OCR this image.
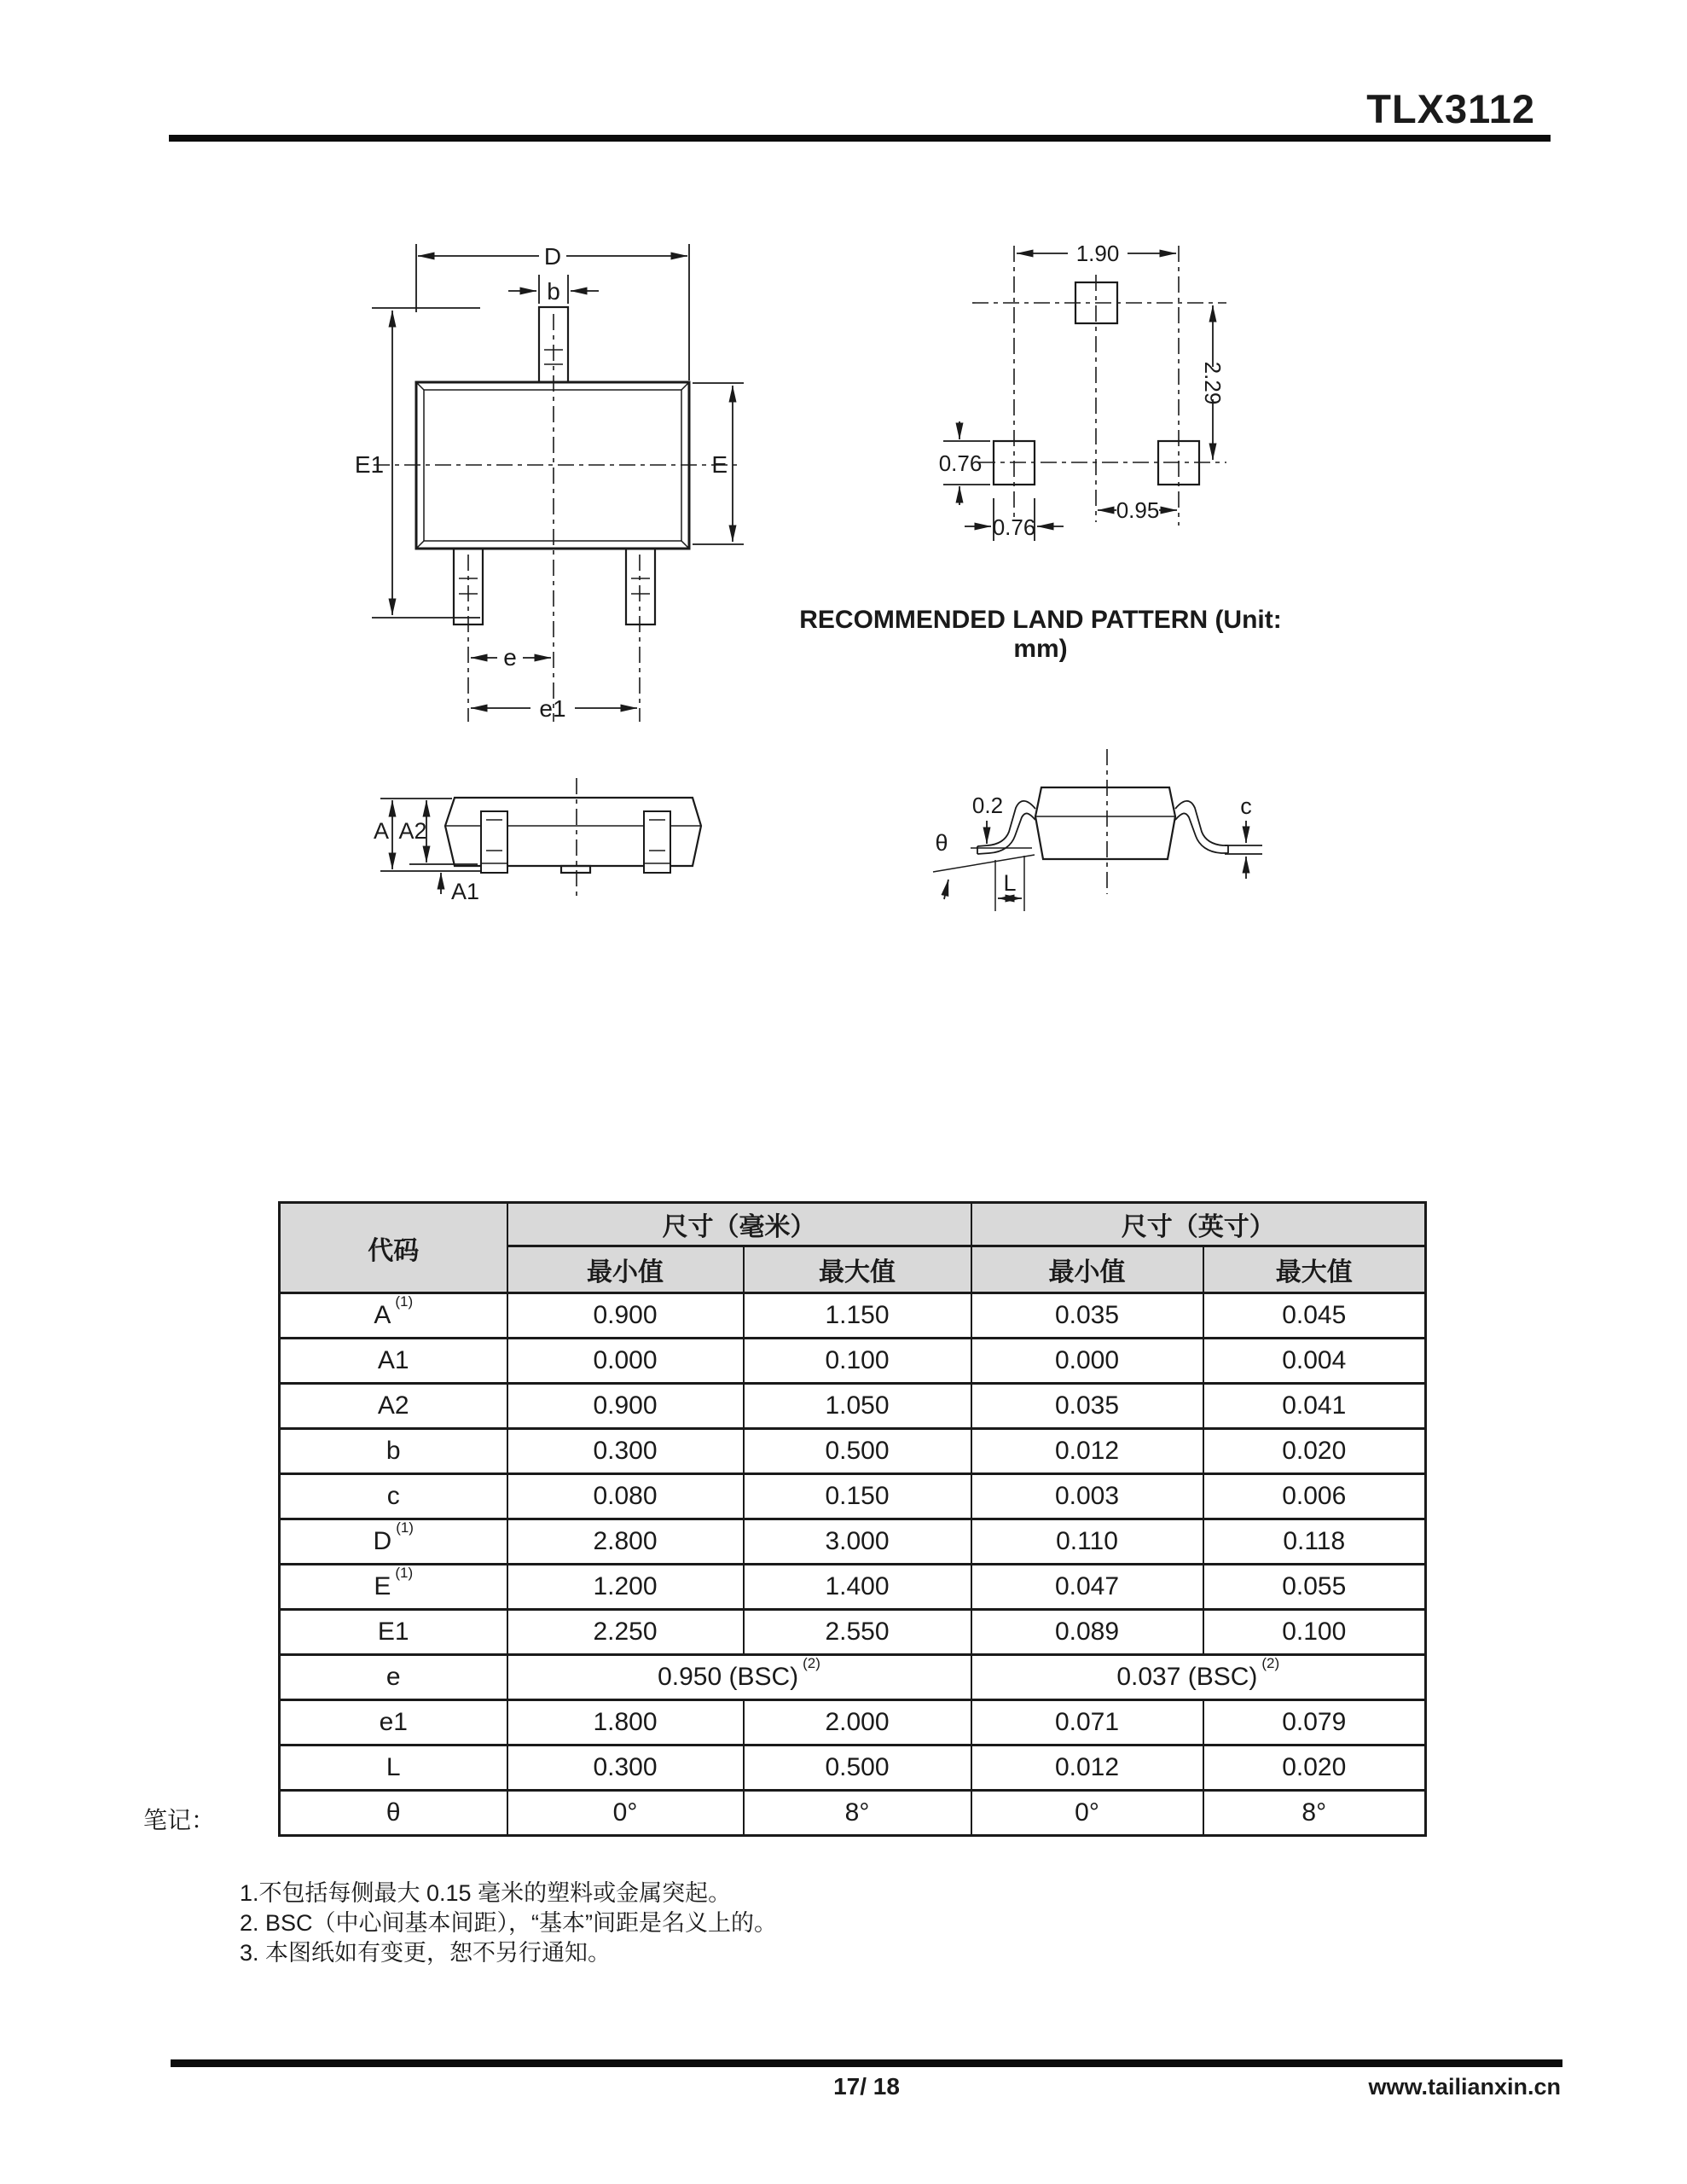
TLX3112
D
b
E1	E
e
e1
1.90
2.29
0.76
0.76
0.95
RECOMMENDED LAND PATTERN (Unit: mm)
A A2
A1
0.2
θ
L
c
代码	尺寸（毫米）		尺寸（英寸）	
	最小值	最大值	最小值	最大值
A $^{(1)}$	0.900	1.150	0.035	0.045
A1	0.000	0.100	0.000	0.004
A2	0.900	1.050	0.035	0.041
b	0.300	0.500	0.012	0.020
c	0.080	0.150	0.003	0.006
D $^{(1)}$	2.800	3.000	0.110	0.118
E $^{(1)}$	1.200	1.400	0.047	0.055
E1	2.250	2.550	0.089	0.100
e	0.950 (BSC) $^{(2)}$		0.037 (BSC) $^{(2)}$
e1	1.800	2.000	0.071	0.079
L	0.300	0.500	0.012	0.020
θ	0°	8°	0°	8°
笔记：
1.不包括每侧最大 0.15 毫米的塑料或金属突起。
2. BSC（中心间基本间距），“基本”间距是名义上的。
3. 本图纸如有变更，恕不另行通知。
17/ 18	www.tailianxin.cn
